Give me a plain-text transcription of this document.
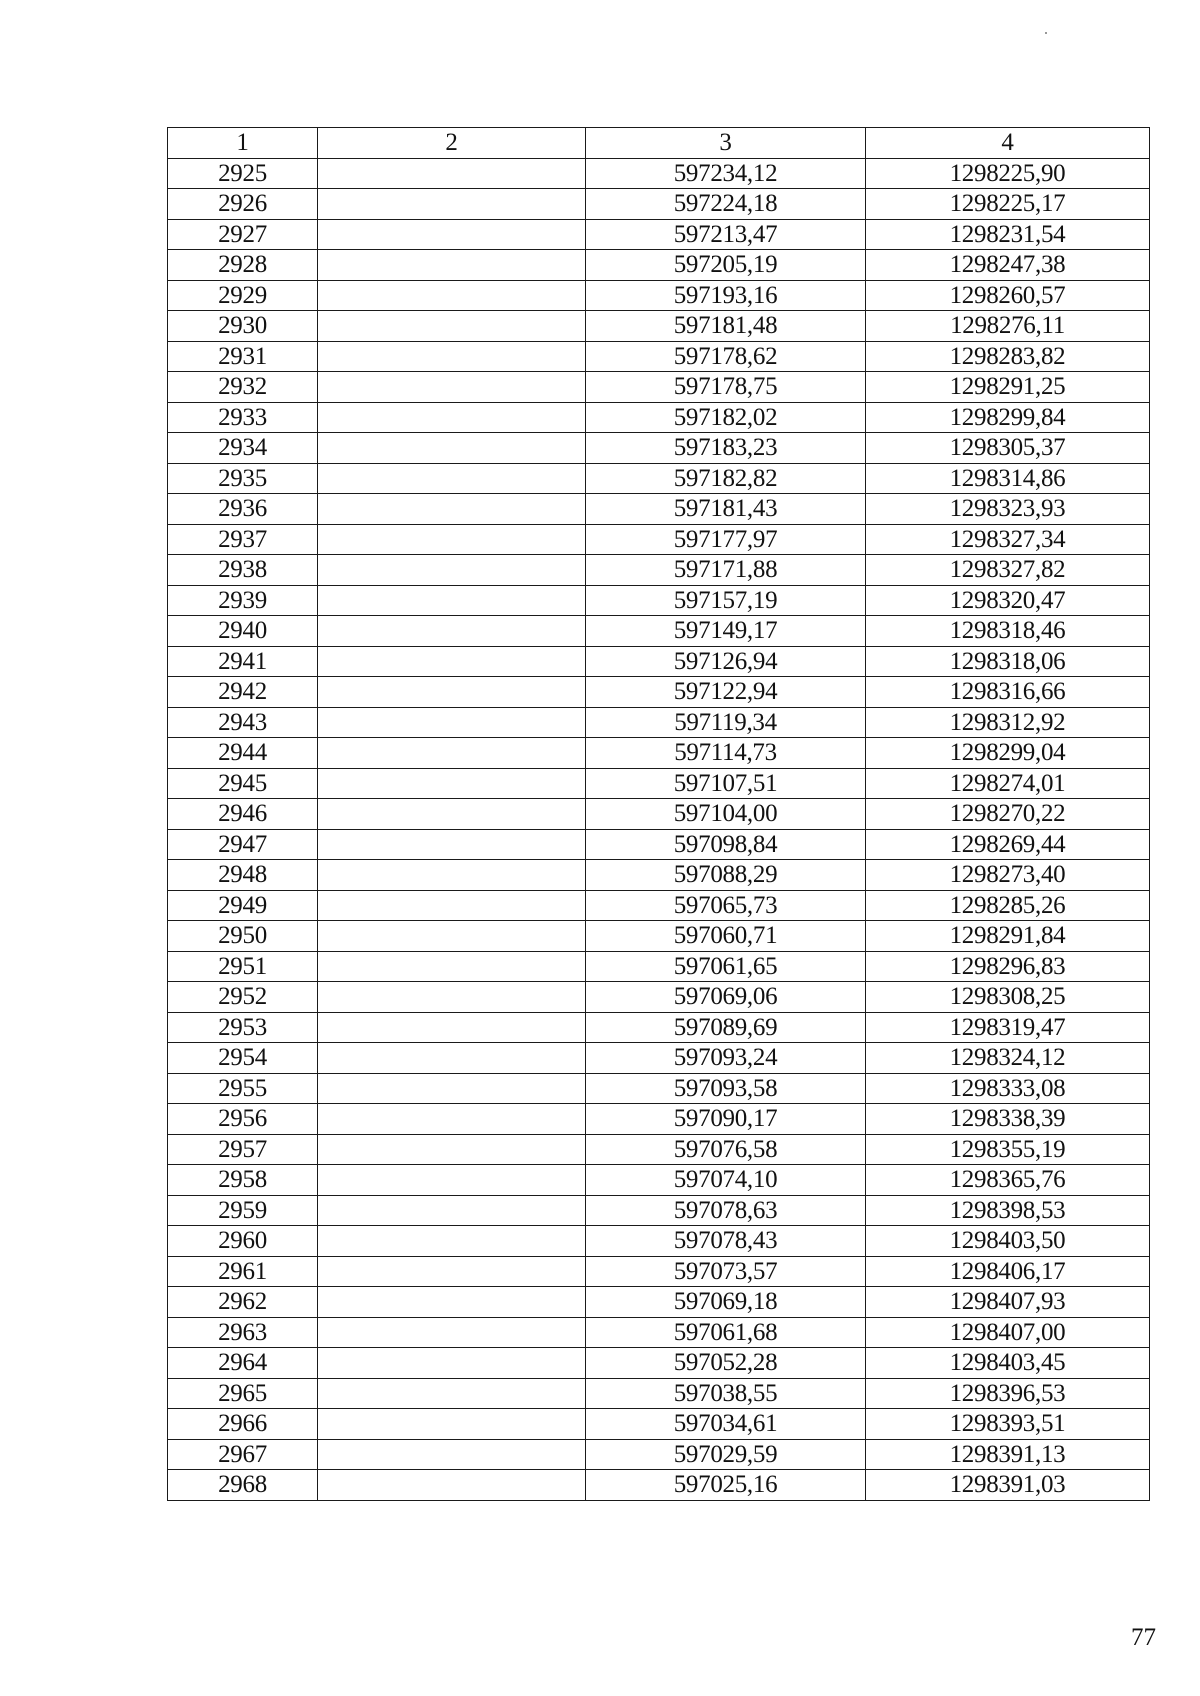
1	2	3	4
2925		597234,12	1298225,90
2926		597224,18	1298225,17
2927		597213,47	1298231,54
2928		597205,19	1298247,38
2929		597193,16	1298260,57
2930		597181,48	1298276,11
2931		597178,62	1298283,82
2932		597178,75	1298291,25
2933		597182,02	1298299,84
2934		597183,23	1298305,37
2935		597182,82	1298314,86
2936		597181,43	1298323,93
2937		597177,97	1298327,34
2938		597171,88	1298327,82
2939		597157,19	1298320,47
2940		597149,17	1298318,46
2941		597126,94	1298318,06
2942		597122,94	1298316,66
2943		597119,34	1298312,92
2944		597114,73	1298299,04
2945		597107,51	1298274,01
2946		597104,00	1298270,22
2947		597098,84	1298269,44
2948		597088,29	1298273,40
2949		597065,73	1298285,26
2950		597060,71	1298291,84
2951		597061,65	1298296,83
2952		597069,06	1298308,25
2953		597089,69	1298319,47
2954		597093,24	1298324,12
2955		597093,58	1298333,08
2956		597090,17	1298338,39
2957		597076,58	1298355,19
2958		597074,10	1298365,76
2959		597078,63	1298398,53
2960		597078,43	1298403,50
2961		597073,57	1298406,17
2962		597069,18	1298407,93
2963		597061,68	1298407,00
2964		597052,28	1298403,45
2965		597038,55	1298396,53
2966		597034,61	1298393,51
2967		597029,59	1298391,13
2968		597025,16	1298391,03
77
